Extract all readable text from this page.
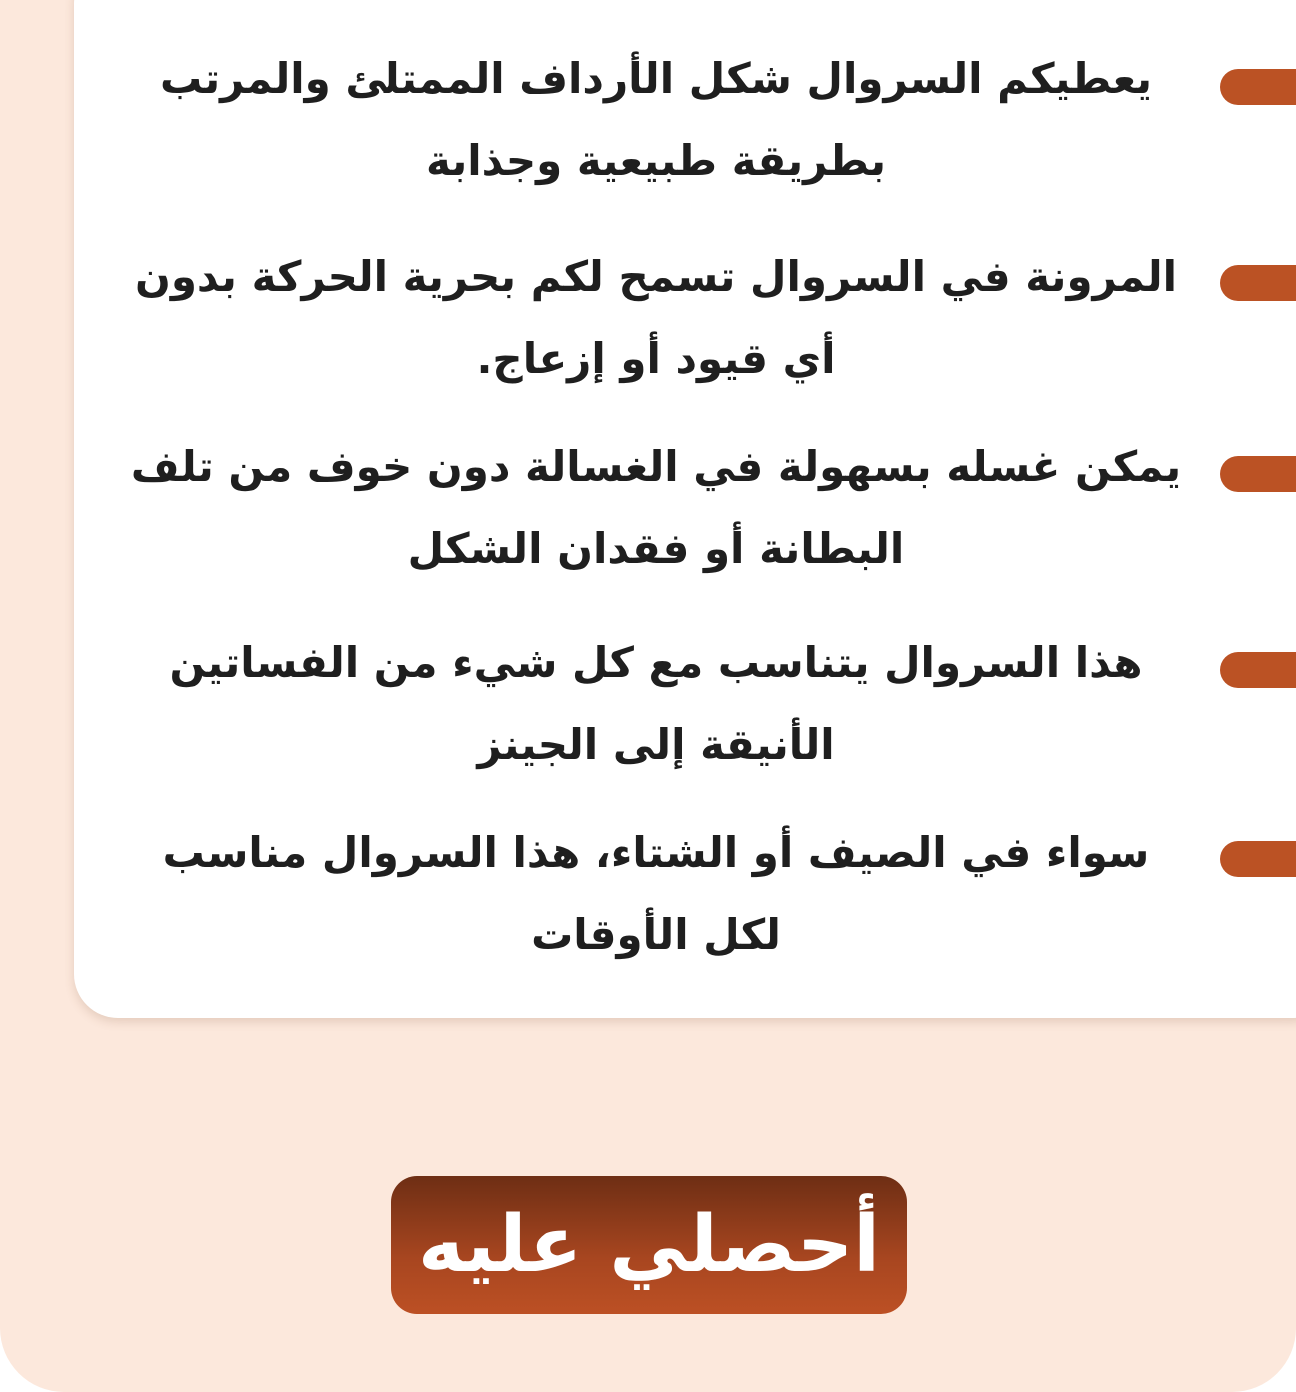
يعطيكم السروال شكل الأرداف الممتلئ والمرتب بطريقة طبيعية وجذابة
المرونة في السروال تسمح لكم بحرية الحركة بدون أي قيود أو إزعاج.
يمكن غسله بسهولة في الغسالة دون خوف من تلف البطانة أو فقدان الشكل
هذا السروال يتناسب مع كل شيء من الفساتين الأنيقة إلى الجينز
سواء في الصيف أو الشتاء، هذا السروال مناسب لكل الأوقات
أحصلي عليه
